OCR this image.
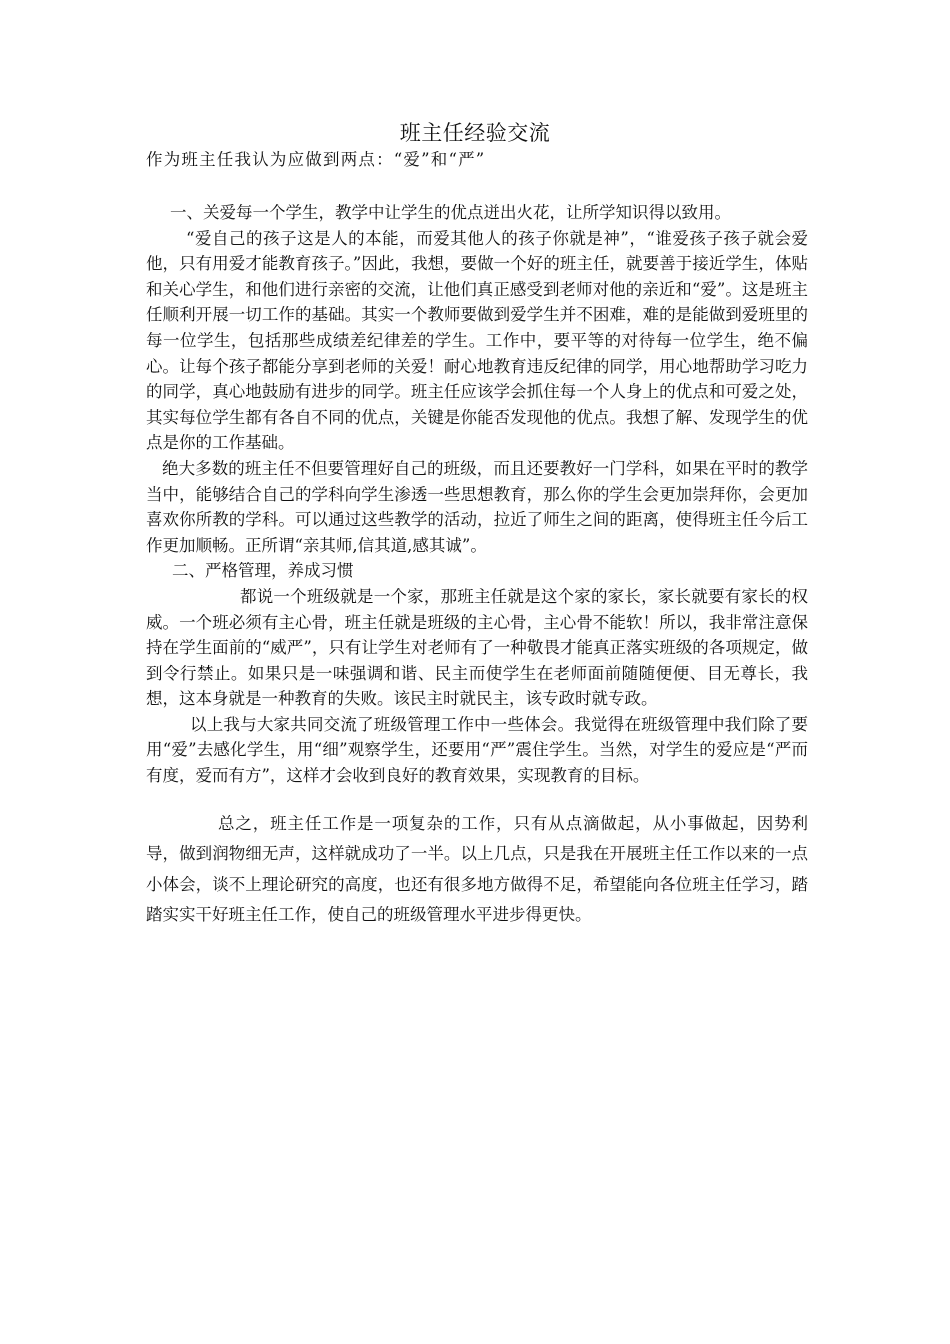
班主任经验交流
作为班主任我认为应做到两点：“爱”和“严”

一、关爱每一个学生，教学中让学生的优点迸出火花，让所学知识得以致用。

“爱自己的孩子这是人的本能，而爱其他人的孩子你就是神”，“谁爱孩子孩子就会爱他，只有用爱才能教育孩子。”因此，我想，要做一个好的班主任，就要善于接近学生，体贴和关心学生，和他们进行亲密的交流，让他们真正感受到老师对他的亲近和“爱”。这是班主任顺利开展一切工作的基础。其实一个教师要做到爱学生并不困难，难的是能做到爱班里的每一位学生，包括那些成绩差纪律差的学生。工作中，要平等的对待每一位学生，绝不偏心。让每个孩子都能分享到老师的关爱！耐心地教育违反纪律的同学，用心地帮助学习吃力的同学，真心地鼓励有进步的同学。班主任应该学会抓住每一个人身上的优点和可爱之处，其实每位学生都有各自不同的优点，关键是你能否发现他的优点。我想了解、发现学生的优点是你的工作基础。

绝大多数的班主任不但要管理好自己的班级，而且还要教好一门学科，如果在平时的教学当中，能够结合自己的学科向学生渗透一些思想教育，那么你的学生会更加崇拜你，会更加喜欢你所教的学科。可以通过这些教学的活动，拉近了师生之间的距离，使得班主任今后工作更加顺畅。正所谓“亲其师,信其道,感其诚”。

二、严格管理，养成习惯

都说一个班级就是一个家，那班主任就是这个家的家长，家长就要有家长的权威。一个班必须有主心骨，班主任就是班级的主心骨，主心骨不能软！所以，我非常注意保持在学生面前的“威严”，只有让学生对老师有了一种敬畏才能真正落实班级的各项规定，做到令行禁止。如果只是一味强调和谐、民主而使学生在老师面前随随便便、目无尊长，我想，这本身就是一种教育的失败。该民主时就民主，该专政时就专政。

以上我与大家共同交流了班级管理工作中一些体会。我觉得在班级管理中我们除了要用“爱”去感化学生，用“细”观察学生，还要用“严”震住学生。当然，对学生的爱应是“严而有度，爱而有方”，这样才会收到良好的教育效果，实现教育的目标。

总之，班主任工作是一项复杂的工作，只有从点滴做起，从小事做起，因势利导，做到润物细无声，这样就成功了一半。以上几点，只是我在开展班主任工作以来的一点小体会，谈不上理论研究的高度，也还有很多地方做得不足，希望能向各位班主任学习，踏踏实实干好班主任工作，使自己的班级管理水平进步得更快。
